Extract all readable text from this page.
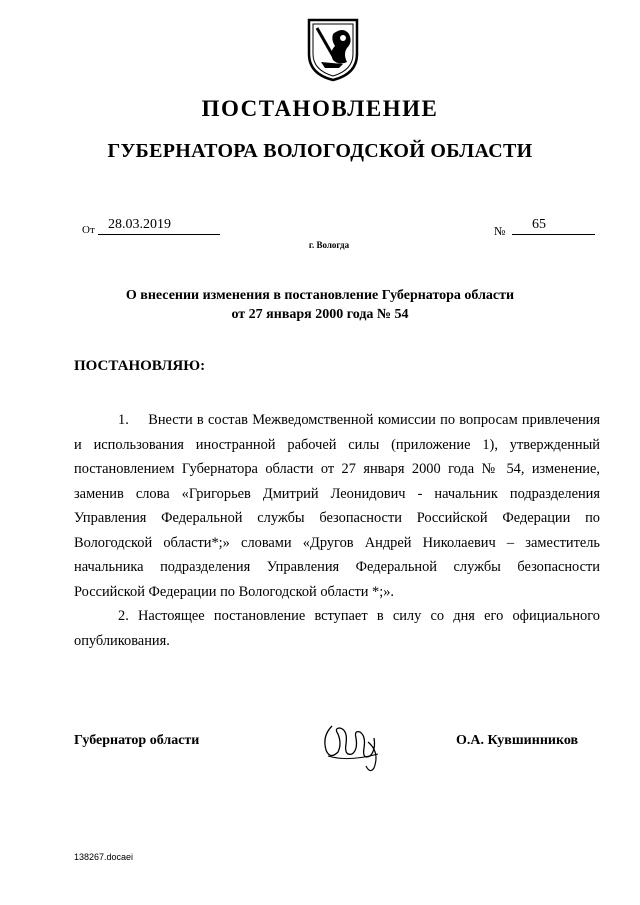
ПОСТАНОВЛЕНИЕ
ГУБЕРНАТОРА ВОЛОГОДСКОЙ ОБЛАСТИ
От 28.03.2019	№	65
г. Вологда
О внесении изменения в постановление Губернатора области
от 27 января 2000 года № 54
ПОСТАНОВЛЯЮ:

1. Внести в состав Межведомственной комиссии по вопросам привлечения и использования иностранной рабочей силы (приложение 1), утвержденный постановлением Губернатора области от 27 января 2000 года № 54, изменение, заменив слова «Григорьев Дмитрий Леонидович - начальник подразделения Управления Федеральной службы безопасности Российской Федерации по Вологодской области*;» словами «Другов Андрей Николаевич – заместитель начальника подразделения Управления Федеральной службы безопасности Российской Федерации по Вологодской области *;».

2. Настоящее постановление вступает в силу со дня его официального опубликования.

Губернатор области	О.А. Кувшинников
138267.docaei
